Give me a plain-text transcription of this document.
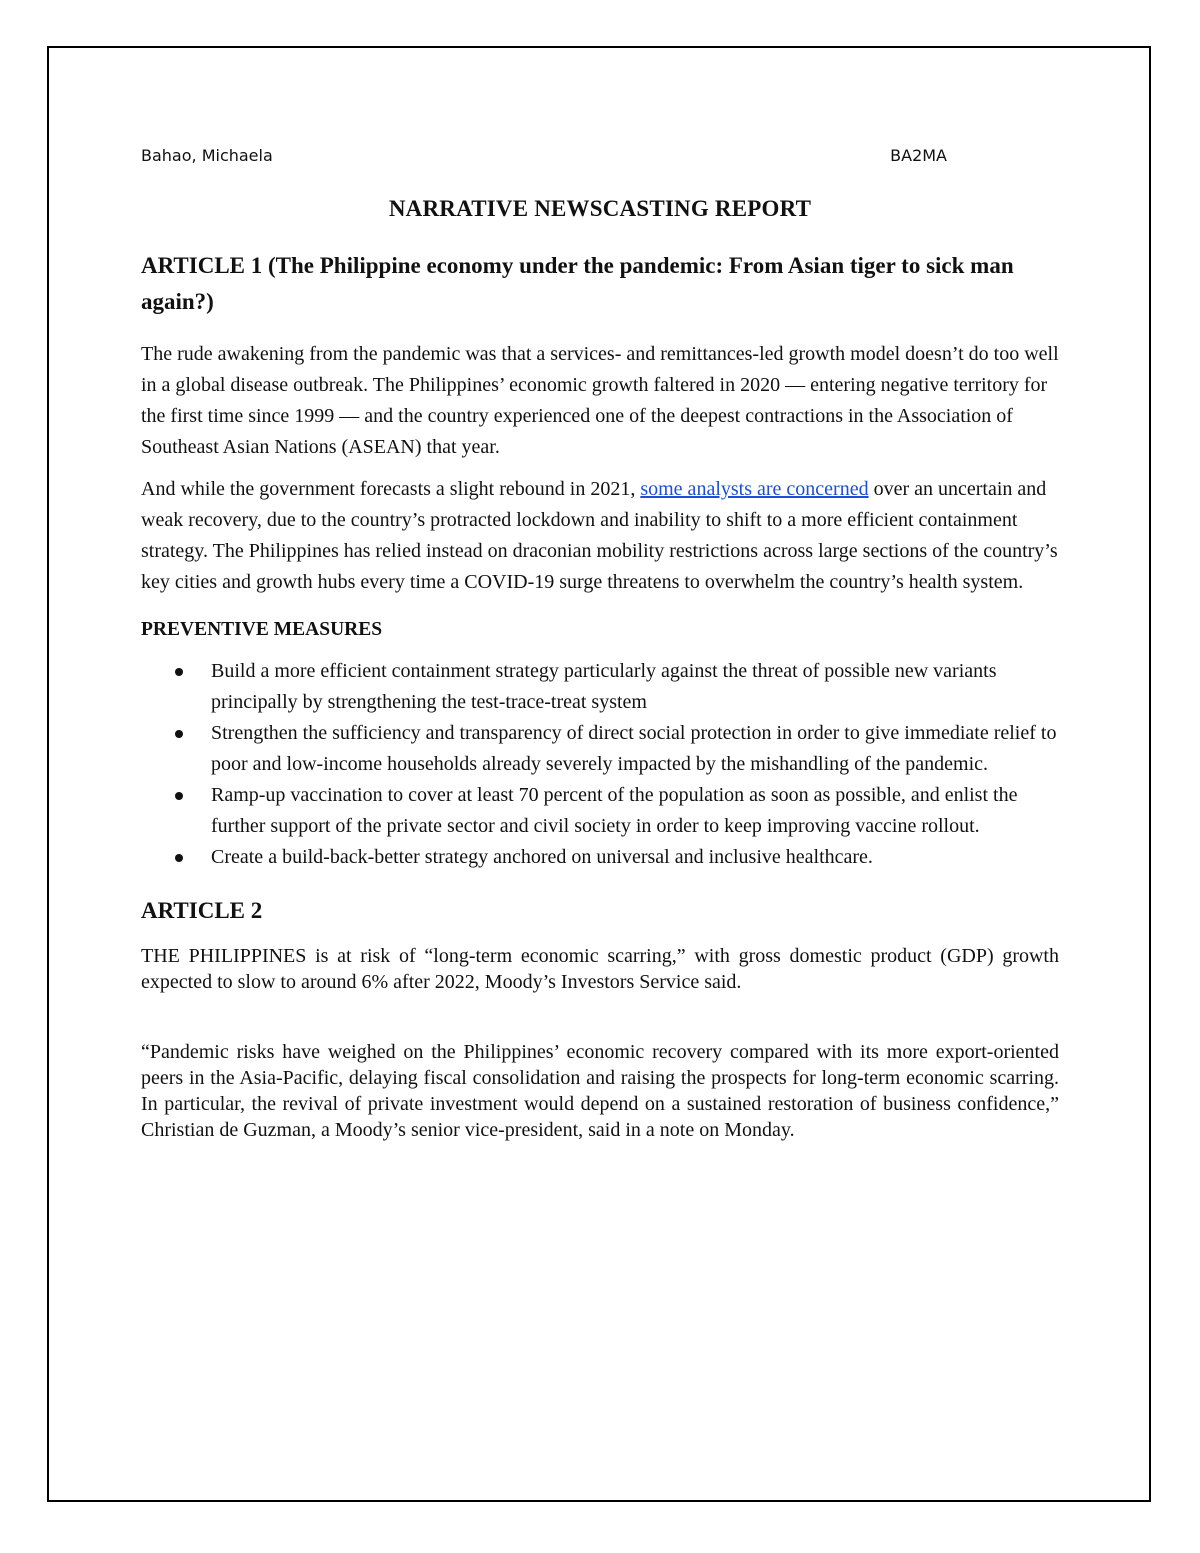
Bahao, Michaela	BA2MA
NARRATIVE NEWSCASTING REPORT
ARTICLE 1 (The Philippine economy under the pandemic: From Asian tiger to sick man again?)

The rude awakening from the pandemic was that a services- and remittances-led growth model doesn’t do too well in a global disease outbreak. The Philippines’ economic growth faltered in 2020 — entering negative territory for the first time since 1999 — and the country experienced one of the deepest contractions in the Association of Southeast Asian Nations (ASEAN) that year.

And while the government forecasts a slight rebound in 2021, some analysts are concerned over an uncertain and weak recovery, due to the country’s protracted lockdown and inability to shift to a more efficient containment strategy. The Philippines has relied instead on draconian mobility restrictions across large sections of the country’s key cities and growth hubs every time a COVID-19 surge threatens to overwhelm the country’s health system.

PREVENTIVE MEASURES
Build a more efficient containment strategy particularly against the threat of possible new variants principally by strengthening the test-trace-treat system
Strengthen the sufficiency and transparency of direct social protection in order to give immediate relief to poor and low-income households already severely impacted by the mishandling of the pandemic.
Ramp-up vaccination to cover at least 70 percent of the population as soon as possible, and enlist the further support of the private sector and civil society in order to keep improving vaccine rollout.
Create a build-back-better strategy anchored on universal and inclusive healthcare.
ARTICLE 2

THE PHILIPPINES is at risk of “long-term economic scarring,” with gross domestic product (GDP) growth expected to slow to around 6% after 2022, Moody’s Investors Service said.

“Pandemic risks have weighed on the Philippines’ economic recovery compared with its more export-oriented peers in the Asia-Pacific, delaying fiscal consolidation and raising the prospects for long-term economic scarring. In particular, the revival of private investment would depend on a sustained restoration of business confidence,” Christian de Guzman, a Moody’s senior vice-president, said in a note on Monday.
